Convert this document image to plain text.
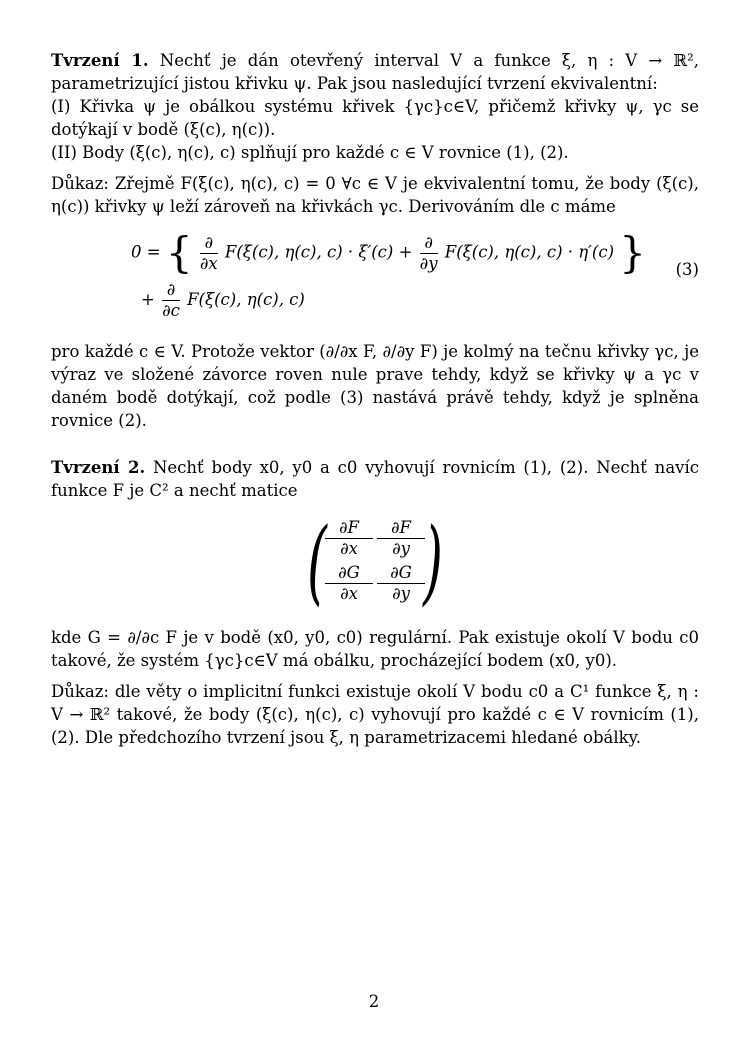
Tvrzení 1. Nechť je dán otevřený interval V a funkce ξ, η : V → ℝ², parametrizující jistou křivku ψ. Pak jsou nasledující tvrzení ekvivalentní:

(I) Křivka ψ je obálkou systému křivek {γc}c∈V, přičemž křivky ψ, γc se dotýkají v bodě (ξ(c), η(c)).

(II) Body (ξ(c), η(c), c) splňují pro každé c ∈ V rovnice (1), (2).

Důkaz: Zřejmě F(ξ(c), η(c), c) = 0 ∀c ∈ V je ekvivalentní tomu, že body (ξ(c), η(c)) křivky ψ leží zároveň na křivkách γc. Derivováním dle c máme

0 = { $\frac{\partial}{\partial x} F(\xi(c)$, η(c), $c) \cdot \xi'(c) + \frac{\partial}{\partial y} F(\xi(c)$, η(c), c) · η′(c) }
+ $\frac{\partial}{\partial c} F(\xi(c)$, η(c), c)
(3)

pro každé c ∈ V. Protože vektor (∂/∂x F, ∂/∂y F) je kolmý na tečnu křivky γc, je výraz ve složené závorce roven nule prave tehdy, když se křivky ψ a γc v daném bodě dotýkají, což podle (3) nastává právě tehdy, když je splněna rovnice (2).

Tvrzení 2. Nechť body x0, y0 a c0 vyhovují rovnicím (1), (2). Nechť navíc funkce F je C² a nechť matice

(
$\frac{\partial F}{\partial x} \frac{\partial F}{\partial y}$
$\frac{\partial G}{\partial x} \frac{\partial G}{\partial y}$
)

kde G = ∂/∂c F je v bodě (x0, y0, c0) regulární. Pak existuje okolí V bodu c0 takové, že systém {γc}c∈V má obálku, procházející bodem (x0, y0).

Důkaz: dle věty o implicitní funkci existuje okolí V bodu c0 a C¹ funkce ξ, η : V → ℝ² takové, že body (ξ(c), η(c), c) vyhovují pro každé c ∈ V rovnicím (1), (2). Dle předchozího tvrzení jsou ξ, η parametrizacemi hledané obálky.

2
